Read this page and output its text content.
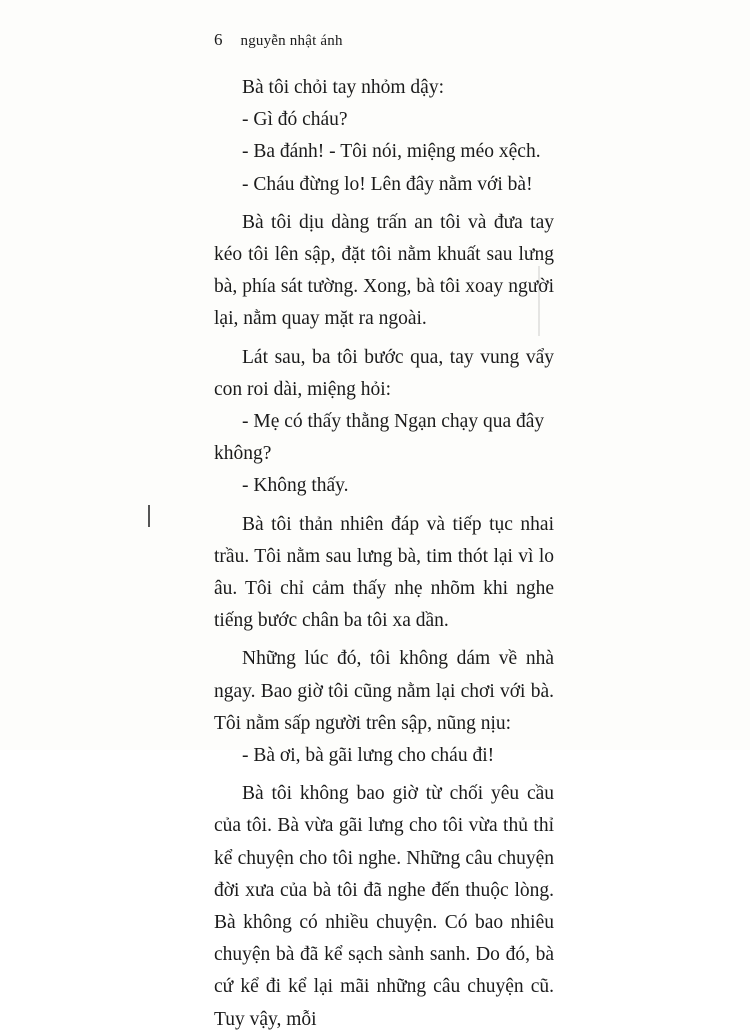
6 nguyễn nhật ánh

Bà tôi chỏi tay nhỏm dậy:

- Gì đó cháu?

- Ba đánh! - Tôi nói, miệng méo xệch.

- Cháu đừng lo! Lên đây nằm với bà!

Bà tôi dịu dàng trấn an tôi và đưa tay kéo tôi lên sập, đặt tôi nằm khuất sau lưng bà, phía sát tường. Xong, bà tôi xoay người lại, nằm quay mặt ra ngoài.

Lát sau, ba tôi bước qua, tay vung vẩy con roi dài, miệng hỏi:

- Mẹ có thấy thằng Ngạn chạy qua đây không?

- Không thấy.

Bà tôi thản nhiên đáp và tiếp tục nhai trầu. Tôi nằm sau lưng bà, tim thót lại vì lo âu. Tôi chỉ cảm thấy nhẹ nhõm khi nghe tiếng bước chân ba tôi xa dần.

Những lúc đó, tôi không dám về nhà ngay. Bao giờ tôi cũng nằm lại chơi với bà. Tôi nằm sấp người trên sập, nũng nịu:

- Bà ơi, bà gãi lưng cho cháu đi!

Bà tôi không bao giờ từ chối yêu cầu của tôi. Bà vừa gãi lưng cho tôi vừa thủ thỉ kể chuyện cho tôi nghe. Những câu chuyện đời xưa của bà tôi đã nghe đến thuộc lòng. Bà không có nhiều chuyện. Có bao nhiêu chuyện bà đã kể sạch sành sanh. Do đó, bà cứ kể đi kể lại mãi những câu chuyện cũ. Tuy vậy, mỗi
